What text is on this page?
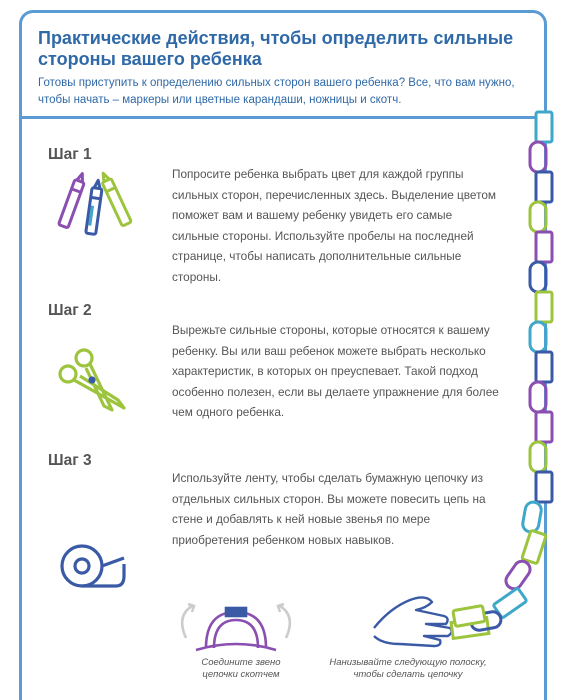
Практические действия, чтобы определить сильные стороны вашего ребенка
Готовы приступить к определению сильных сторон вашего ребенка? Все, что вам нужно, чтобы начать – маркеры или цветные карандаши, ножницы и скотч.
Шаг 1
Попросите ребенка выбрать цвет для каждой группы сильных сторон, перечисленных здесь. Выделение цветом поможет вам и вашему ребенку увидеть его самые сильные стороны. Используйте пробелы на последней странице, чтобы написать дополнительные сильные стороны.
Шаг 2
Вырежьте сильные стороны, которые относятся к вашему ребенку. Вы или ваш ребенок можете выбрать несколько характеристик, в которых он преуспевает. Такой подход особенно полезен, если вы делаете упражнение для более чем одного ребенка.
Шаг 3
Используйте ленту, чтобы сделать бумажную цепочку из отдельных сильных сторон. Вы можете повесить цепь на стене и добавлять к ней новые звенья по мере приобретения ребенком новых навыков.
Соедините звено цепочки скотчем
Нанизывайте следующую полоску, чтобы сделать цепочку
